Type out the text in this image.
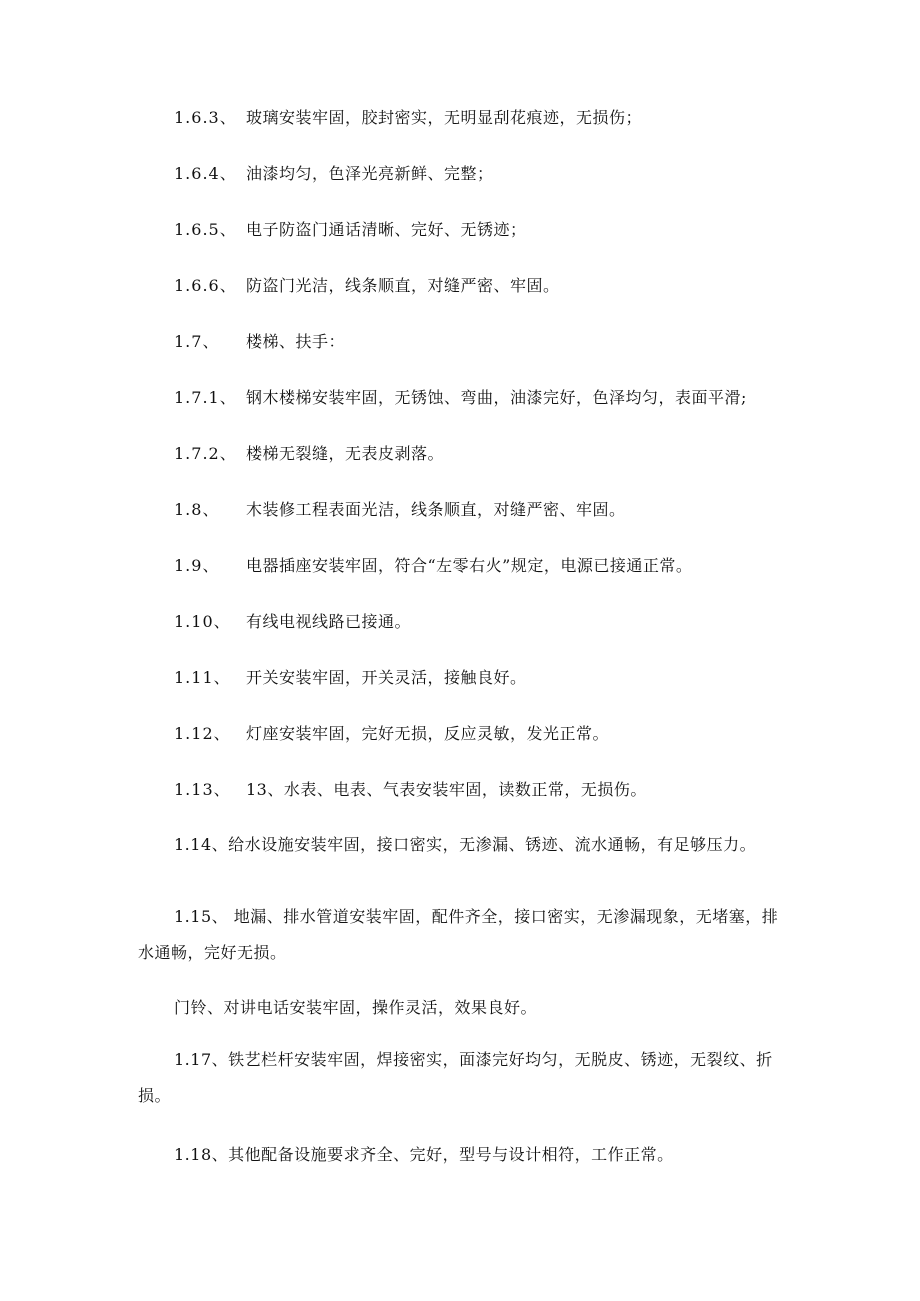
1.6.3、 玻璃安装牢固，胶封密实，无明显刮花痕迹，无损伤；
1.6.4、 油漆均匀，色泽光亮新鲜、完整；
1.6.5、 电子防盗门通话清晰、完好、无锈迹；
1.6.6、 防盗门光洁，线条顺直，对缝严密、牢固。
1.7、 楼梯、扶手：
1.7.1、 钢木楼梯安装牢固，无锈蚀、弯曲，油漆完好，色泽均匀，表面平滑;
1.7.2、 楼梯无裂缝，无表皮剥落。
1.8、 木装修工程表面光洁，线条顺直，对缝严密、牢固。
1.9、 电器插座安装牢固，符合“左零右火”规定，电源已接通正常。
1.10、 有线电视线路已接通。
1.11、 开关安装牢固，开关灵活，接触良好。
1.12、 灯座安装牢固，完好无损，反应灵敏，发光正常。
1.13、 13、水表、电表、气表安装牢固，读数正常，无损伤。
1.14、给水设施安装牢固，接口密实，无渗漏、锈迹、流水通畅，有足够压力。
1.15、 地漏、排水管道安装牢固，配件齐全，接口密实，无渗漏现象，无堵塞，排水通畅，完好无损。
门铃、对讲电话安装牢固，操作灵活，效果良好。
1.17、铁艺栏杆安装牢固，焊接密实，面漆完好均匀，无脱皮、锈迹，无裂纹、折损。
1.18、其他配备设施要求齐全、完好，型号与设计相符，工作正常。
